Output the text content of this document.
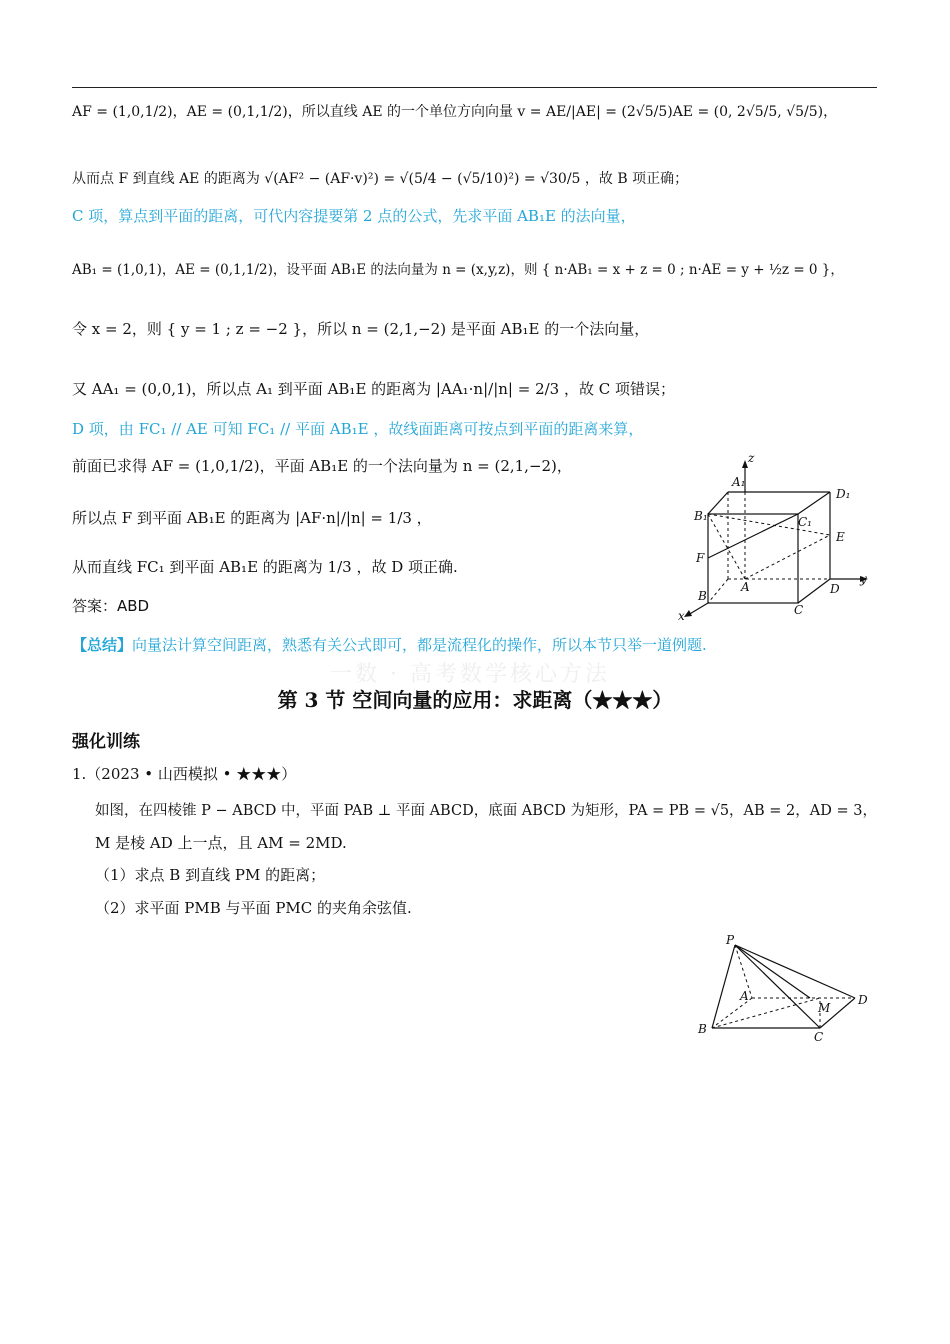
AF = (1,0,1/2)，AE = (0,1,1/2)，所以直线 AE 的一个单位方向向量 v = AE/|AE| = (2√5/5)AE = (0, 2√5/5, √5/5)，
从而点 F 到直线 AE 的距离为 √(AF² − (AF·v)²) = √(5/4 − (√5/10)²) = √30/5 ，故 B 项正确；
C 项，算点到平面的距离，可代内容提要第 2 点的公式，先求平面 AB₁E 的法向量，
AB₁ = (1,0,1)，AE = (0,1,1/2)，设平面 AB₁E 的法向量为 n = (x,y,z)，则 { n·AB₁ = x + z = 0 ; n·AE = y + ½z = 0 }，
令 x = 2，则 { y = 1 ; z = −2 }，所以 n = (2,1,−2) 是平面 AB₁E 的一个法向量，
又 AA₁ = (0,0,1)，所以点 A₁ 到平面 AB₁E 的距离为 |AA₁·n|/|n| = 2/3 ，故 C 项错误；
D 项，由 FC₁ // AE 可知 FC₁ // 平面 AB₁E ，故线面距离可按点到平面的距离来算，
前面已求得 AF = (1,0,1/2)，平面 AB₁E 的一个法向量为 n = (2,1,−2)，
所以点 F 到平面 AB₁E 的距离为 |AF·n|/|n| = 1/3 ，
从而直线 FC₁ 到平面 AB₁E 的距离为 1/3 ，故 D 项正确.
答案：ABD
【总结】向量法计算空间距离，熟悉有关公式即可，都是流程化的操作，所以本节只举一道例题.
一数 · 高考数学核心方法
z
A₁
D₁
B₁	C₁
E
F
y
A	D
B
C
x
第 3 节 空间向量的应用：求距离（★★★）
强化训练
1.（2023 • 山西模拟 • ★★★）
如图，在四棱锥 P − ABCD 中，平面 PAB ⊥ 平面 ABCD，底面 ABCD 为矩形，PA = PB = √5，AB = 2，AD = 3，
M 是棱 AD 上一点，且 AM = 2MD.
（1）求点 B 到直线 PM 的距离；
（2）求平面 PMB 与平面 PMC 的夹角余弦值.
P
A	D
M
B
C
